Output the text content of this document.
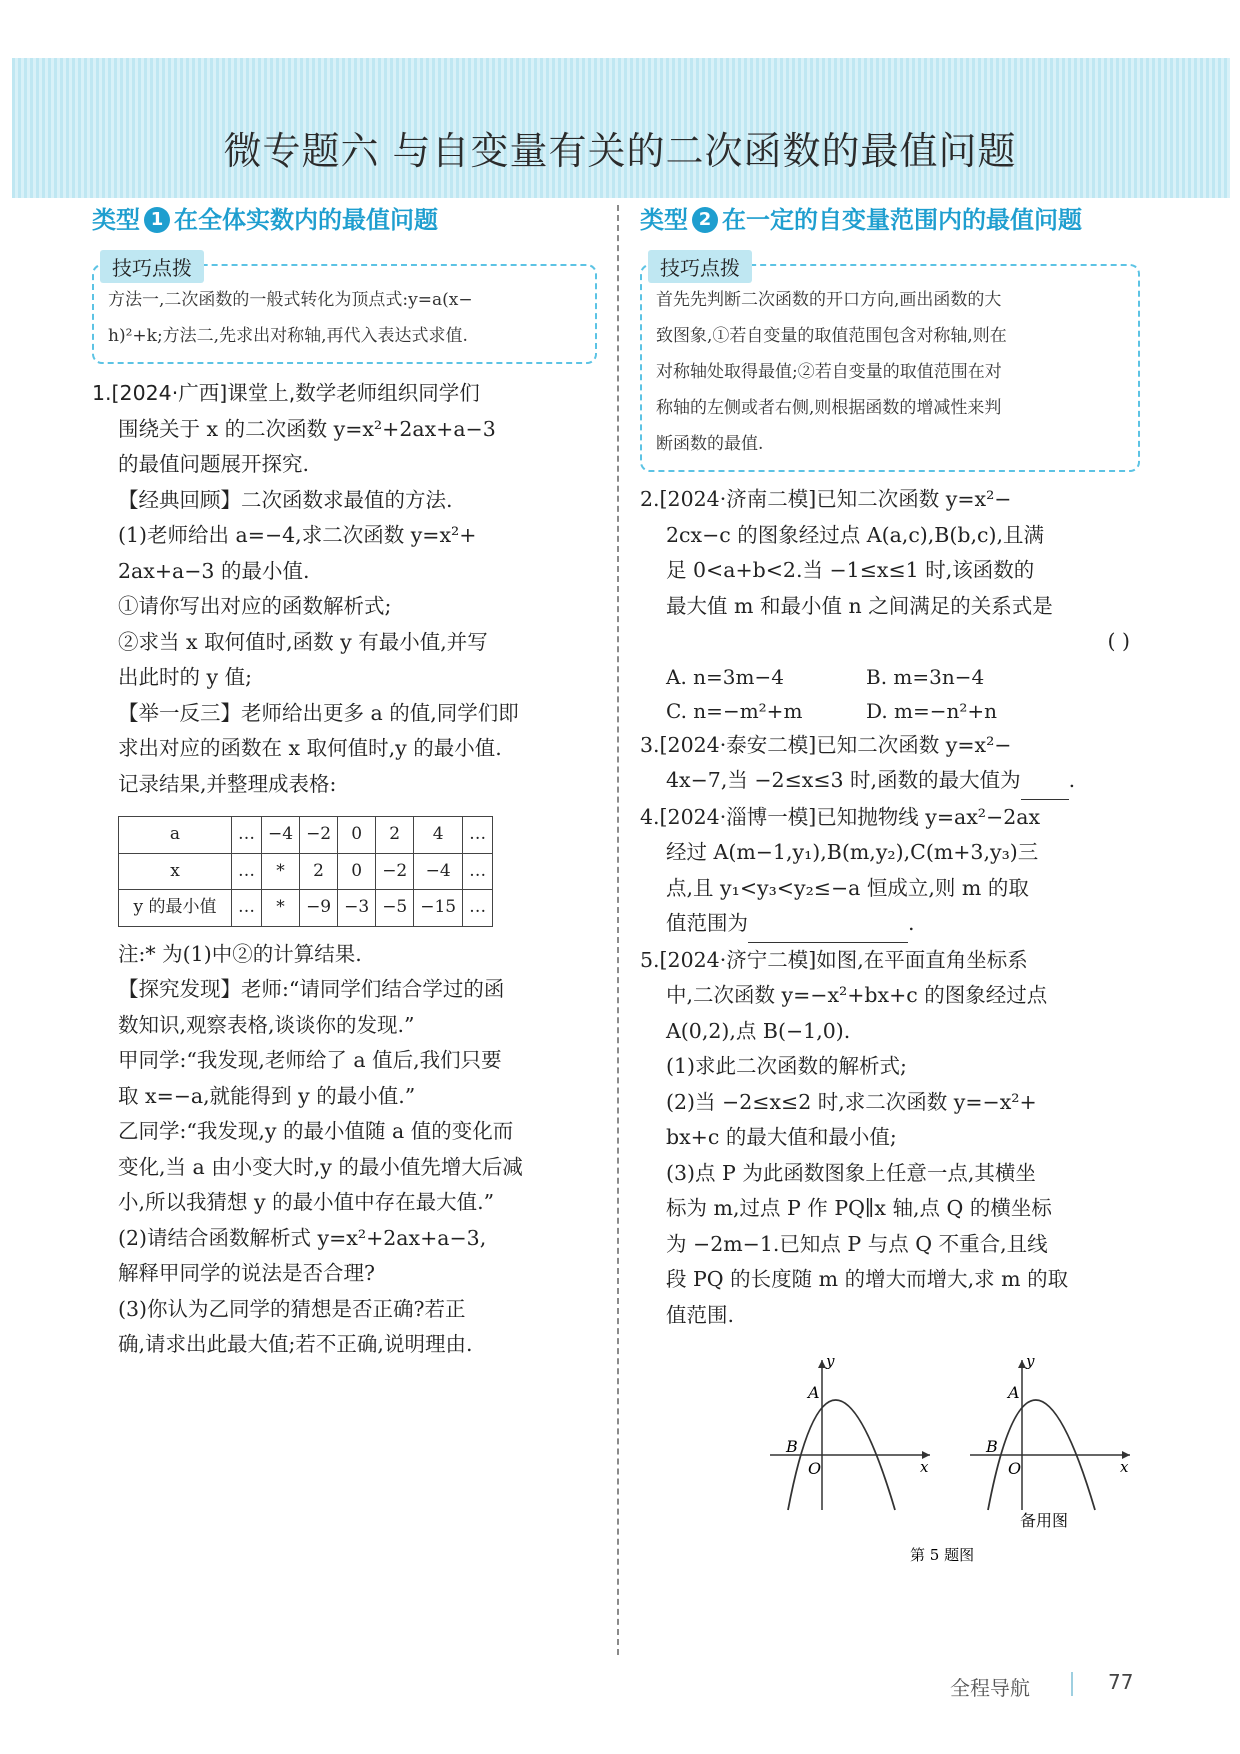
微专题六 与自变量有关的二次函数的最值问题
类型 1 在全体实数内的最值问题
技巧点拨
方法一,二次函数的一般式转化为顶点式:y=a(x−
h)²+k;方法二,先求出对称轴,再代入表达式求值.

1.[2024·广西]课堂上,数学老师组织同学们

围绕关于 x 的二次函数 y=x²+2ax+a−3

的最值问题展开探究.

【经典回顾】二次函数求最值的方法.

(1)老师给出 a=−4,求二次函数 y=x²+

2ax+a−3 的最小值.

①请你写出对应的函数解析式;

②求当 x 取何值时,函数 y 有最小值,并写

出此时的 y 值;

【举一反三】老师给出更多 a 的值,同学们即

求出对应的函数在 x 取何值时,y 的最小值.

记录结果,并整理成表格:

a	…	−4	−2	0	2	4	…
x	…	*	2	0	−2	−4	…
y 的最小值	…	*	−9	−3	−5	−15	…

注:* 为(1)中②的计算结果.

【探究发现】老师:“请同学们结合学过的函

数知识,观察表格,谈谈你的发现.”

甲同学:“我发现,老师给了 a 值后,我们只要

取 x=−a,就能得到 y 的最小值.”

乙同学:“我发现,y 的最小值随 a 值的变化而

变化,当 a 由小变大时,y 的最小值先增大后减

小,所以我猜想 y 的最小值中存在最大值.”

(2)请结合函数解析式 y=x²+2ax+a−3,

解释甲同学的说法是否合理?

(3)你认为乙同学的猜想是否正确?若正

确,请求出此最大值;若不正确,说明理由.

类型 2 在一定的自变量范围内的最值问题
技巧点拨
首先先判断二次函数的开口方向,画出函数的大
致图象,①若自变量的取值范围包含对称轴,则在
对称轴处取得最值;②若自变量的取值范围在对
称轴的左侧或者右侧,则根据函数的增减性来判
断函数的最值.

2.[2024·济南二模]已知二次函数 y=x²−

2cx−c 的图象经过点 A(a,c),B(b,c),且满

足 0<a+b<2.当 −1≤x≤1 时,该函数的

最大值 m 和最小值 n 之间满足的关系式是

( )

A. n=3m−4	B. m=3n−4
C. n=−m²+m	D. m=−n²+n

3.[2024·泰安二模]已知二次函数 y=x²−

4x−7,当 −2≤x≤3 时,函数的最大值为 .

4.[2024·淄博一模]已知抛物线 y=ax²−2ax

经过 A(m−1,y₁),B(m,y₂),C(m+3,y₃)三

点,且 y₁<y₃<y₂≤−a 恒成立,则 m 的取

值范围为	.

5.[2024·济宁二模]如图,在平面直角坐标系

中,二次函数 y=−x²+bx+c 的图象经过点

A(0,2),点 B(−1,0).

(1)求此二次函数的解析式;

(2)当 −2≤x≤2 时,求二次函数 y=−x²+

bx+c 的最大值和最小值;

(3)点 P 为此函数图象上任意一点,其横坐

标为 m,过点 P 作 PQ∥x 轴,点 Q 的横坐标

为 −2m−1.已知点 P 与点 Q 不重合,且线

段 PQ 的长度随 m 的增大而增大,求 m 的取

值范围.

y
x
A
B
O
y
x
A
B
O
备用图
第 5 题图
全程导航	77
